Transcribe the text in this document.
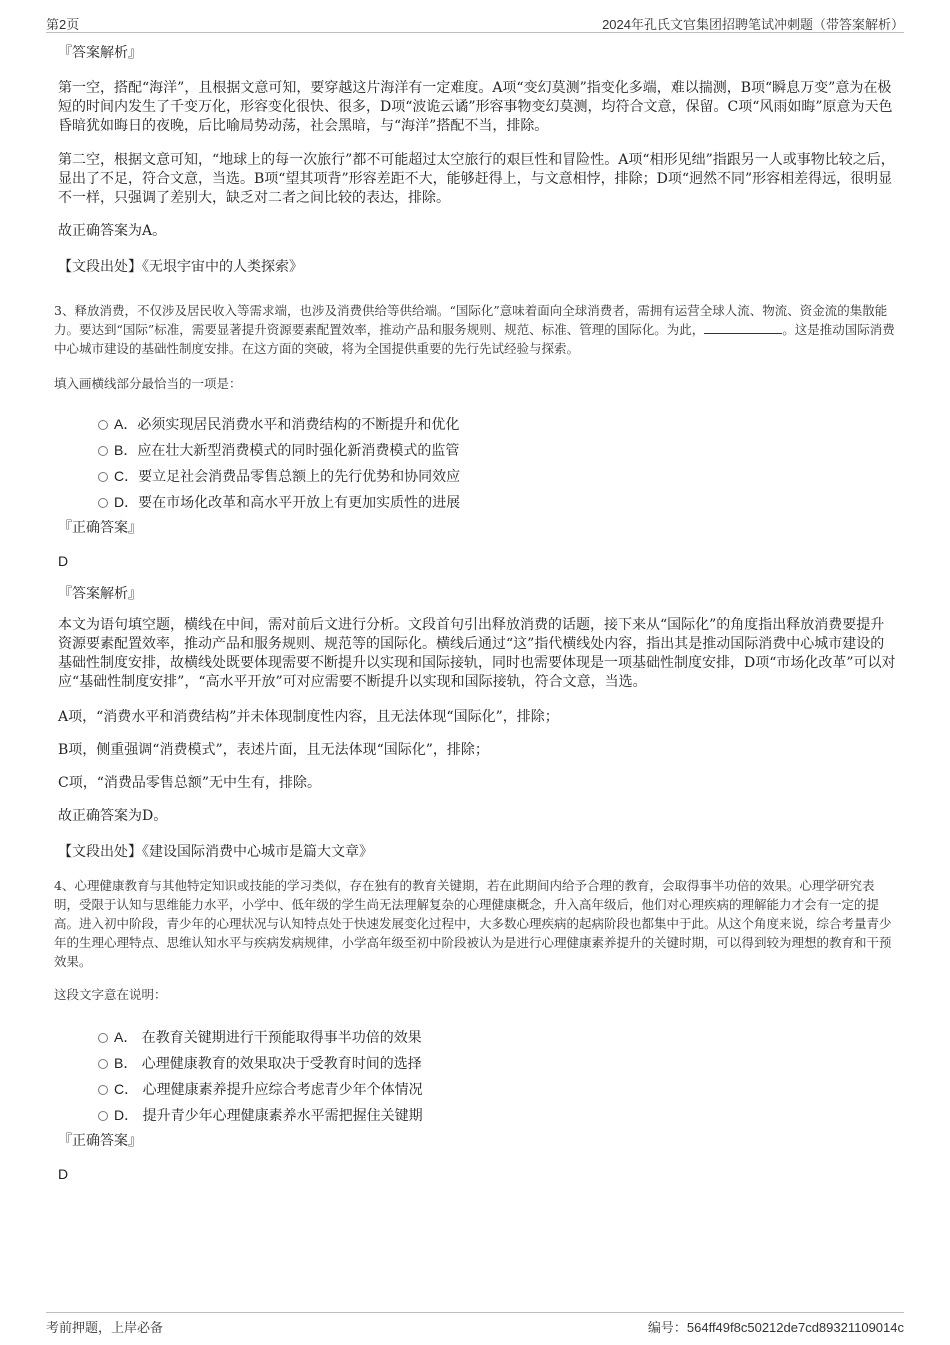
第2页	2024年孔氏文官集团招聘笔试冲刺题（带答案解析）
『答案解析』

第一空，搭配“海洋”，且根据文意可知，要穿越这片海洋有一定难度。A项“变幻莫测”指变化多端，难以揣测，B项“瞬息万变”意为在极短的时间内发生了千变万化，形容变化很快、很多，D项“波诡云谲”形容事物变幻莫测，均符合文意，保留。C项“风雨如晦”原意为天色昏暗犹如晦日的夜晚，后比喻局势动荡，社会黑暗，与“海洋”搭配不当，排除。

第二空，根据文意可知，“地球上的每一次旅行”都不可能超过太空旅行的艰巨性和冒险性。A项“相形见绌”指跟另一人或事物比较之后，显出了不足，符合文意，当选。B项“望其项背”形容差距不大，能够赶得上，与文意相悖，排除；D项“迥然不同”形容相差得远，很明显不一样，只强调了差别大，缺乏对二者之间比较的表达，排除。

故正确答案为A。

【文段出处】《无垠宇宙中的人类探索》

3、释放消费，不仅涉及居民收入等需求端，也涉及消费供给等供给端。“国际化”意味着面向全球消费者，需拥有运营全球人流、物流、资金流的集散能力。要达到“国际”标准，需要显著提升资源要素配置效率，推动产品和服务规则、规范、标准、管理的国际化。为此，	。这是推动国际消费中心城市建设的基础性制度安排。在这方面的突破，将为全国提供重要的先行先试经验与探索。

填入画横线部分最恰当的一项是：

A．必须实现居民消费水平和消费结构的不断提升和优化
B．应在壮大新型消费模式的同时强化新消费模式的监管
C．要立足社会消费品零售总额上的先行优势和协同效应
D．要在市场化改革和高水平开放上有更加实质性的进展

『正确答案』

D

『答案解析』

本文为语句填空题，横线在中间，需对前后文进行分析。文段首句引出释放消费的话题，接下来从“国际化”的角度指出释放消费要提升资源要素配置效率，推动产品和服务规则、规范等的国际化。横线后通过“这”指代横线处内容，指出其是推动国际消费中心城市建设的基础性制度安排，故横线处既要体现需要不断提升以实现和国际接轨，同时也需要体现是一项基础性制度安排，D项“市场化改革”可以对应“基础性制度安排”，“高水平开放”可对应需要不断提升以实现和国际接轨，符合文意，当选。

A项，“消费水平和消费结构”并未体现制度性内容，且无法体现“国际化”，排除；

B项，侧重强调“消费模式”，表述片面，且无法体现“国际化”，排除；

C项，“消费品零售总额”无中生有，排除。

故正确答案为D。

【文段出处】《建设国际消费中心城市是篇大文章》

4、心理健康教育与其他特定知识或技能的学习类似，存在独有的教育关键期，若在此期间内给予合理的教育，会取得事半功倍的效果。心理学研究表明，受限于认知与思维能力水平，小学中、低年级的学生尚无法理解复杂的心理健康概念，升入高年级后，他们对心理疾病的理解能力才会有一定的提高。进入初中阶段，青少年的心理状况与认知特点处于快速发展变化过程中，大多数心理疾病的起病阶段也都集中于此。从这个角度来说，综合考量青少年的生理心理特点、思维认知水平与疾病发病规律，小学高年级至初中阶段被认为是进行心理健康素养提升的关键时期，可以得到较为理想的教育和干预效果。

这段文字意在说明：

A． 在教育关键期进行干预能取得事半功倍的效果
B． 心理健康教育的效果取决于受教育时间的选择
C． 心理健康素养提升应综合考虑青少年个体情况
D． 提升青少年心理健康素养水平需把握住关键期

『正确答案』

D

考前押题，上岸必备	编号：564ff49f8c50212de7cd89321109014c
